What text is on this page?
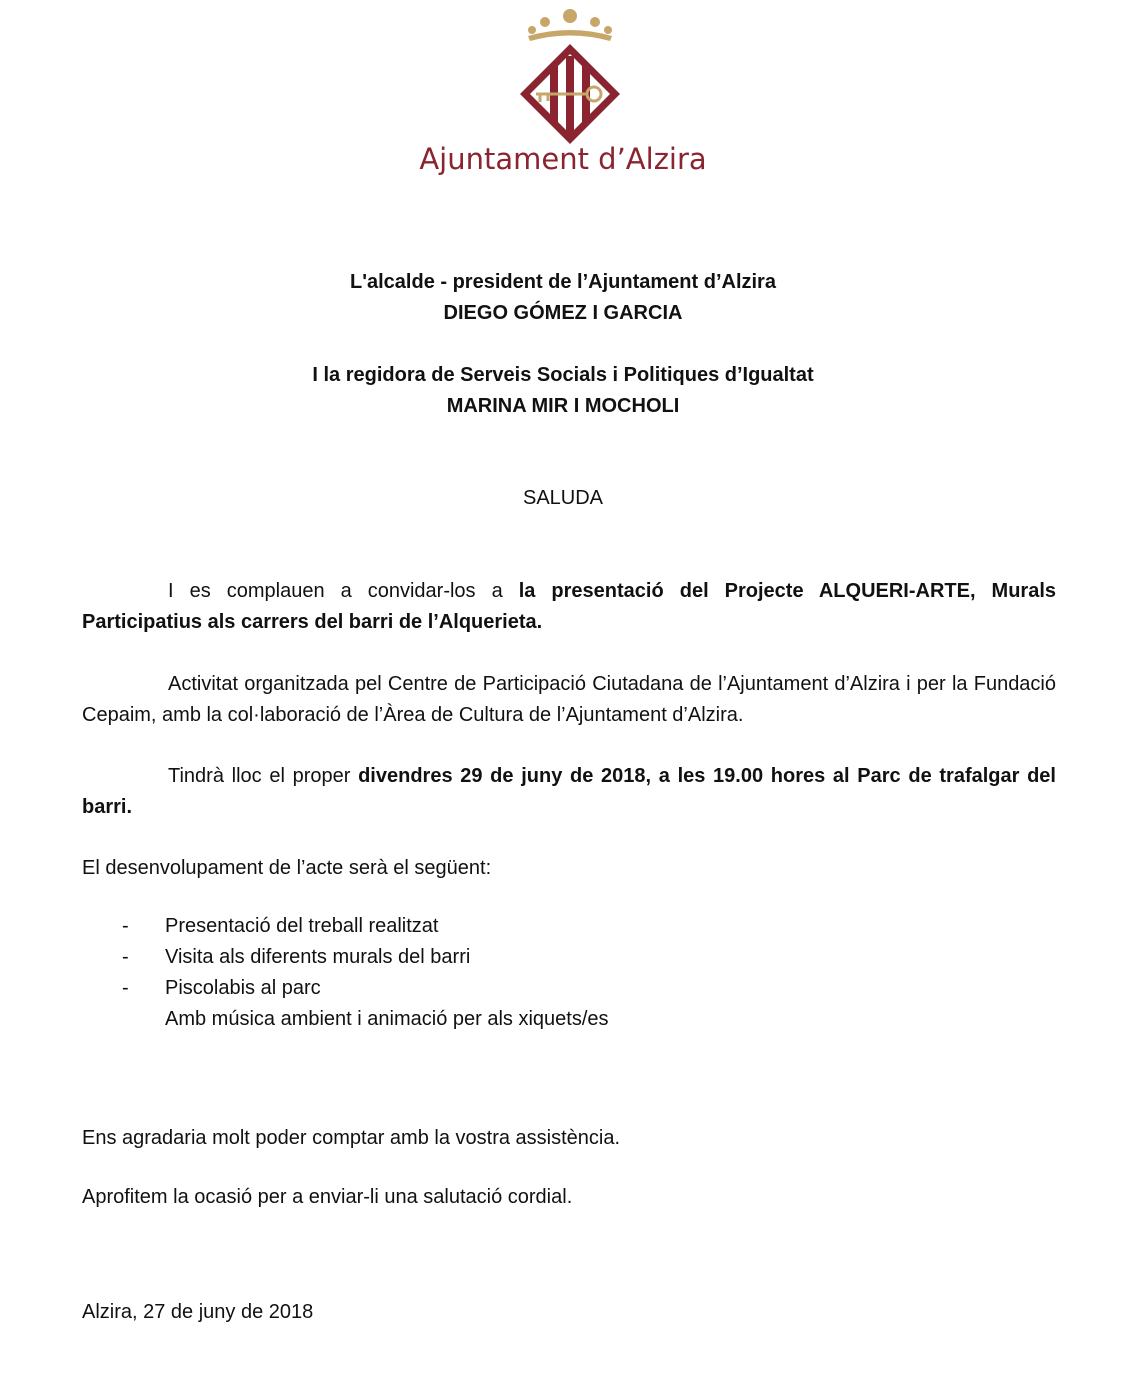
Ajuntament d’Alzira
L'alcalde - president de l’Ajuntament d’Alzira
DIEGO GÓMEZ I GARCIA
I la regidora de Serveis Socials i Politiques d’Igualtat
MARINA MIR I MOCHOLI
SALUDA

I es complauen a convidar-los a la presentació del Projecte ALQUERI-ARTE, Murals Participatius als carrers del barri de l’Alquerieta.

Activitat organitzada pel Centre de Participació Ciutadana de l’Ajuntament d’Alzira i per la Fundació Cepaim, amb la col·laboració de l’Àrea de Cultura de l’Ajuntament d’Alzira.

Tindrà lloc el proper divendres 29 de juny de 2018, a les 19.00 hores al Parc de trafalgar del barri.

El desenvolupament de l’acte serà el següent:

- Presentació del treball realitzat
- Visita als diferents murals del barri
- Piscolabis al parc
Amb música ambient i animació per als xiquets/es

Ens agradaria molt poder comptar amb la vostra assistència.

Aprofitem la ocasió per a enviar-li una salutació cordial.

Alzira, 27 de juny de 2018
